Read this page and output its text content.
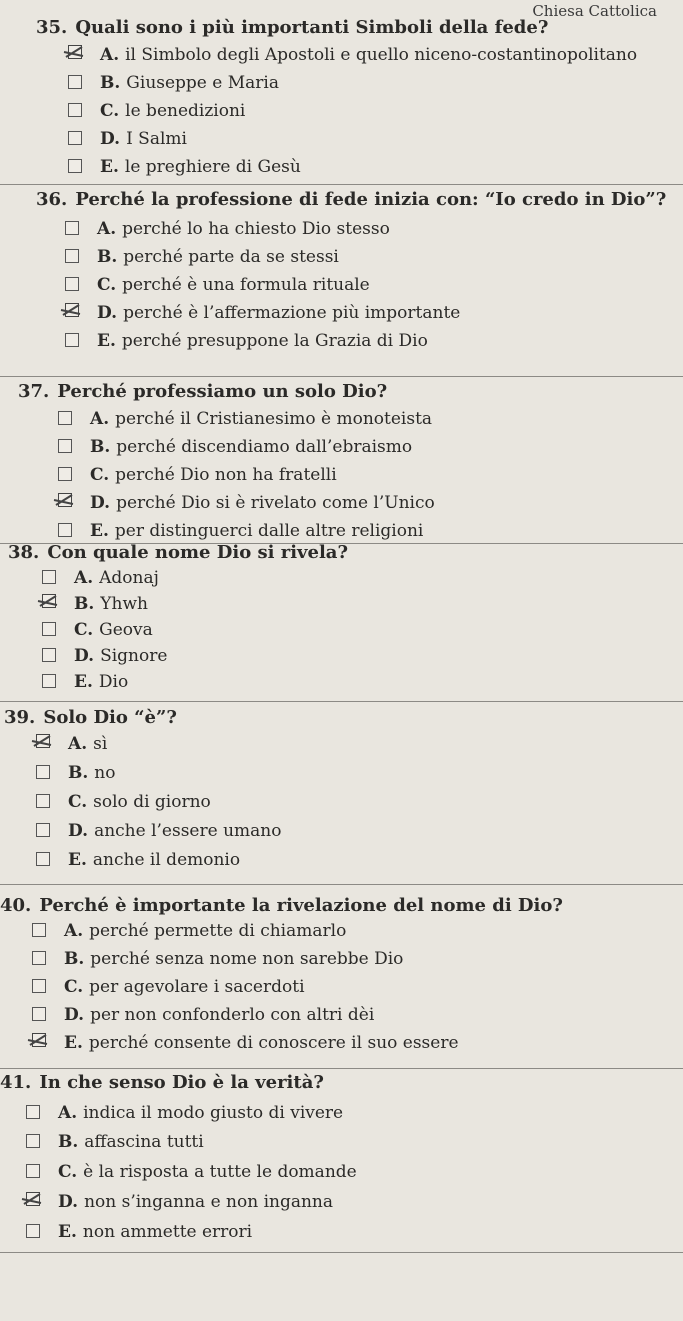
Chiesa Cattolica
35. Quali sono i più importanti Simboli della fede?
A. il Simbolo degli Apostoli e quello niceno-costantinopolitano
B. Giuseppe e Maria
C. le benedizioni
D. I Salmi
E. le preghiere di Gesù
36. Perché la professione di fede inizia con: “Io credo in Dio”?
A. perché lo ha chiesto Dio stesso
B. perché parte da se stessi
C. perché è una formula rituale
D. perché è l’affermazione più importante
E. perché presuppone la Grazia di Dio
37. Perché professiamo un solo Dio?
A. perché il Cristianesimo è monoteista
B. perché discendiamo dall’ebraismo
C. perché Dio non ha fratelli
D. perché Dio si è rivelato come l’Unico
E. per distinguerci dalle altre religioni
38. Con quale nome Dio si rivela?
A. Adonaj
B. Yhwh
C. Geova
D. Signore
E. Dio
39. Solo Dio “è”?
A. sì
B. no
C. solo di giorno
D. anche l’essere umano
E. anche il demonio
40. Perché è importante la rivelazione del nome di Dio?
A. perché permette di chiamarlo
B. perché senza nome non sarebbe Dio
C. per agevolare i sacerdoti
D. per non confonderlo con altri dèi
E. perché consente di conoscere il suo essere
41. In che senso Dio è la verità?
A. indica il modo giusto di vivere
B. affascina tutti
C. è la risposta a tutte le domande
D. non s’inganna e non inganna
E. non ammette errori
